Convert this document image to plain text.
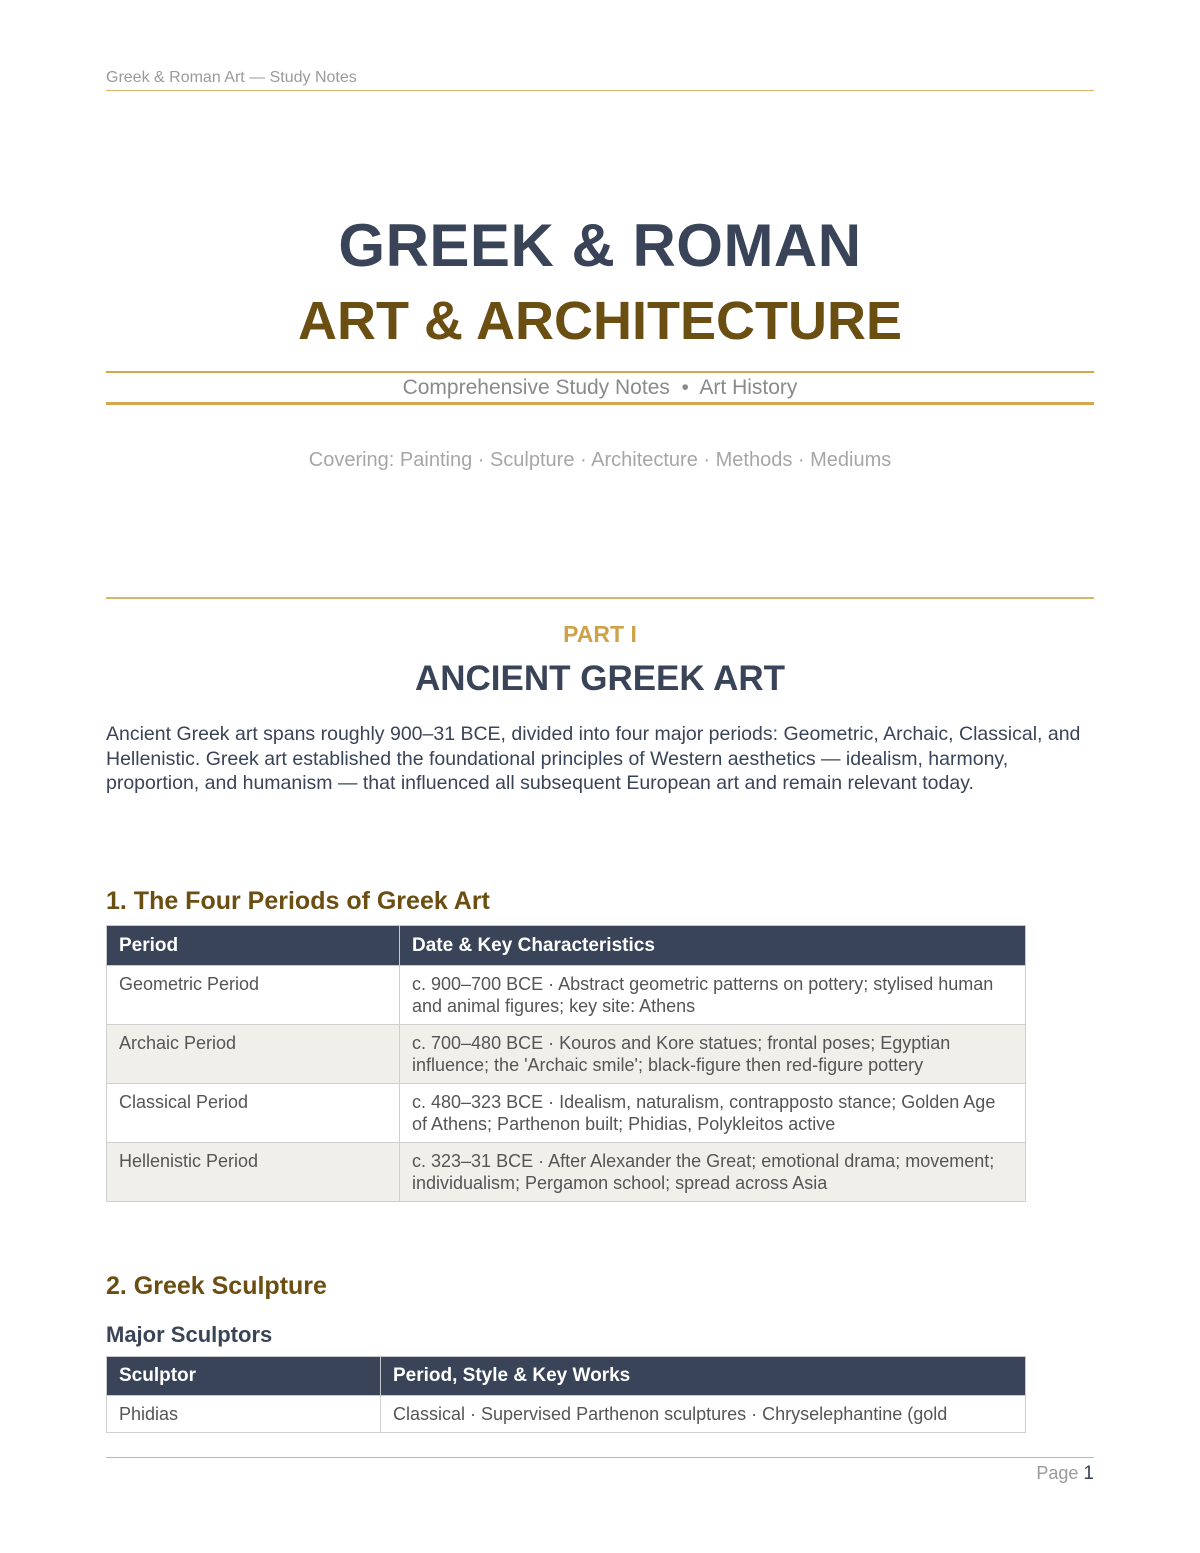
Greek & Roman Art — Study Notes
GREEK & ROMAN
ART & ARCHITECTURE
Comprehensive Study Notes  •  Art History
Covering: Painting · Sculpture · Architecture · Methods · Mediums
PART I
ANCIENT GREEK ART
Ancient Greek art spans roughly 900–31 BCE, divided into four major periods: Geometric, Archaic, Classical, and Hellenistic. Greek art established the foundational principles of Western aesthetics — idealism, harmony, proportion, and humanism — that influenced all subsequent European art and remain relevant today.
1. The Four Periods of Greek Art
Period	Date & Key Characteristics
Geometric Period	c. 900–700 BCE · Abstract geometric patterns on pottery; stylised human and animal figures; key site: Athens
Archaic Period	c. 700–480 BCE · Kouros and Kore statues; frontal poses; Egyptian influence; the 'Archaic smile'; black-figure then red-figure pottery
Classical Period	c. 480–323 BCE · Idealism, naturalism, contrapposto stance; Golden Age of Athens; Parthenon built; Phidias, Polykleitos active
Hellenistic Period	c. 323–31 BCE · After Alexander the Great; emotional drama; movement; individualism; Pergamon school; spread across Asia
2. Greek Sculpture
Major Sculptors
Sculptor	Period, Style & Key Works
Phidias	Classical · Supervised Parthenon sculptures · Chryselephantine (gold
Page 1
